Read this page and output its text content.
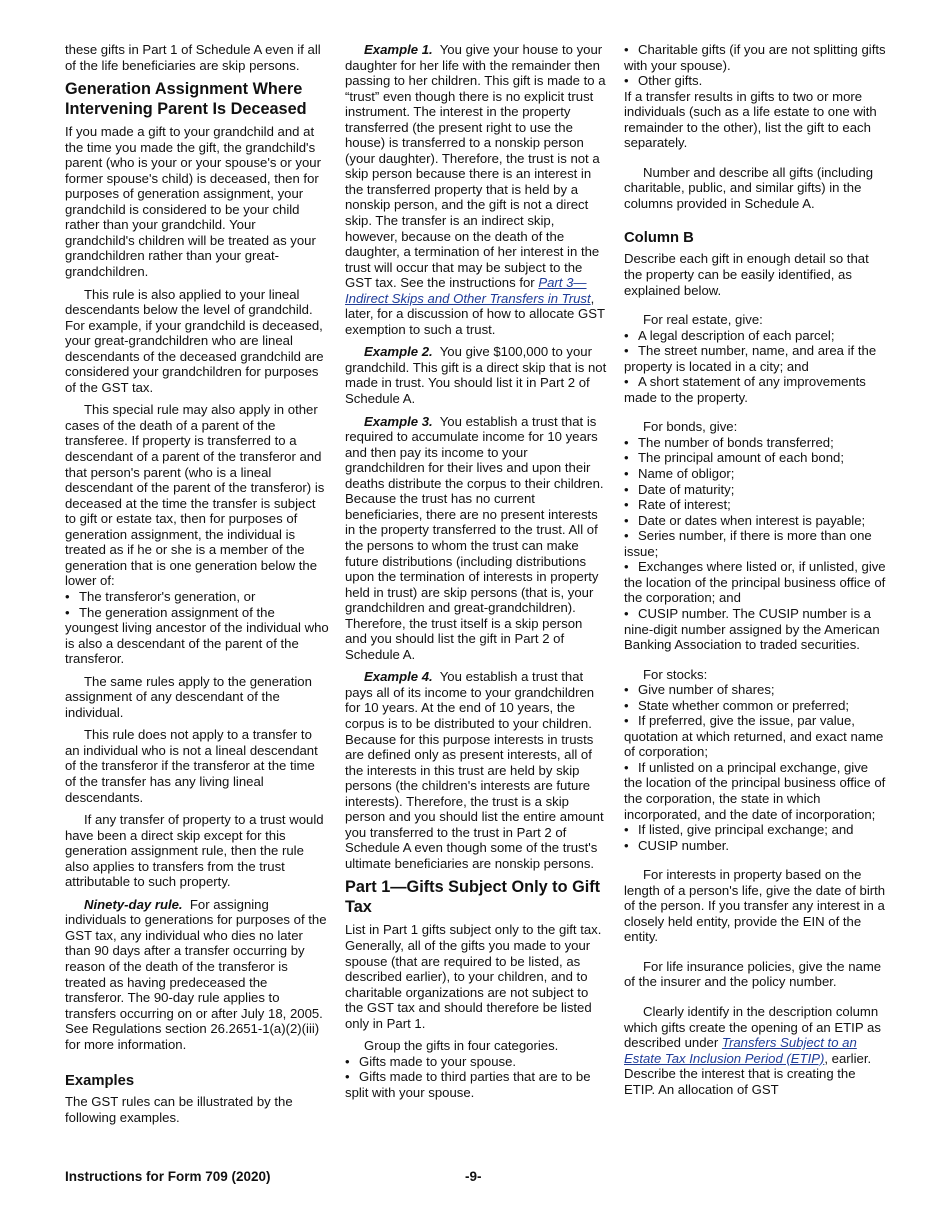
these gifts in Part 1 of Schedule A even if all of the life beneficiaries are skip persons.

Generation Assignment Where Intervening Parent Is Deceased

If you made a gift to your grandchild and at the time you made the gift, the grandchild's parent (who is your or your spouse's or your former spouse's child) is deceased, then for purposes of generation assignment, your grandchild is considered to be your child rather than your grandchild. Your grandchild's children will be treated as your grandchildren rather than your great-grandchildren.

This rule is also applied to your lineal descendants below the level of grandchild. For example, if your grandchild is deceased, your great-grandchildren who are lineal descendants of the deceased grandchild are considered your grandchildren for purposes of the GST tax.

This special rule may also apply in other cases of the death of a parent of the transferee. If property is transferred to a descendant of a parent of the transferor and that person's parent (who is a lineal descendant of the parent of the transferor) is deceased at the time the transfer is subject to gift or estate tax, then for purposes of generation assignment, the individual is treated as if he or she is a member of the generation that is one generation below the lower of:

• The transferor's generation, or
• The generation assignment of the youngest living ancestor of the individual who is also a descendant of the parent of the transferor.

The same rules apply to the generation assignment of any descendant of the individual.

This rule does not apply to a transfer to an individual who is not a lineal descendant of the transferor if the transferor at the time of the transfer has any living lineal descendants.

If any transfer of property to a trust would have been a direct skip except for this generation assignment rule, then the rule also applies to transfers from the trust attributable to such property.

Ninety-day rule. For assigning individuals to generations for purposes of the GST tax, any individual who dies no later than 90 days after a transfer occurring by reason of the death of the transferor is treated as having predeceased the transferor. The 90-day rule applies to transfers occurring on or after July 18, 2005. See Regulations section 26.2651-1(a)(2)(iii) for more information.

Examples

The GST rules can be illustrated by the following examples.

Example 1. You give your house to your daughter for her life with the remainder then passing to her children. This gift is made to a “trust” even though there is no explicit trust instrument. The interest in the property transferred (the present right to use the house) is transferred to a nonskip person (your daughter). Therefore, the trust is not a skip person because there is an interest in the transferred property that is held by a nonskip person, and the gift is not a direct skip. The transfer is an indirect skip, however, because on the death of the daughter, a termination of her interest in the trust will occur that may be subject to the GST tax. See the instructions for Part 3—Indirect Skips and Other Transfers in Trust, later, for a discussion of how to allocate GST exemption to such a trust.

Example 2. You give $100,000 to your grandchild. This gift is a direct skip that is not made in trust. You should list it in Part 2 of Schedule A.

Example 3. You establish a trust that is required to accumulate income for 10 years and then pay its income to your grandchildren for their lives and upon their deaths distribute the corpus to their children. Because the trust has no current beneficiaries, there are no present interests in the property transferred to the trust. All of the persons to whom the trust can make future distributions (including distributions upon the termination of interests in property held in trust) are skip persons (that is, your grandchildren and great-grandchildren). Therefore, the trust itself is a skip person and you should list the gift in Part 2 of Schedule A.

Example 4. You establish a trust that pays all of its income to your grandchildren for 10 years. At the end of 10 years, the corpus is to be distributed to your children. Because for this purpose interests in trusts are defined only as present interests, all of the interests in this trust are held by skip persons (the children's interests are future interests). Therefore, the trust is a skip person and you should list the entire amount you transferred to the trust in Part 2 of Schedule A even though some of the trust's ultimate beneficiaries are nonskip persons.

Part 1—Gifts Subject Only to Gift Tax

List in Part 1 gifts subject only to the gift tax. Generally, all of the gifts you made to your spouse (that are required to be listed, as described earlier), to your children, and to charitable organizations are not subject to the GST tax and should therefore be listed only in Part 1.

Group the gifts in four categories.

• Gifts made to your spouse.
• Gifts made to third parties that are to be split with your spouse.
• Charitable gifts (if you are not splitting gifts with your spouse).
• Other gifts.

If a transfer results in gifts to two or more individuals (such as a life estate to one with remainder to the other), list the gift to each separately.

Number and describe all gifts (including charitable, public, and similar gifts) in the columns provided in Schedule A.

Column B

Describe each gift in enough detail so that the property can be easily identified, as explained below.

For real estate, give:

• A legal description of each parcel;
• The street number, name, and area if the property is located in a city; and
• A short statement of any improvements made to the property.

For bonds, give:

• The number of bonds transferred;
• The principal amount of each bond;
• Name of obligor;
• Date of maturity;
• Rate of interest;
• Date or dates when interest is payable;
• Series number, if there is more than one issue;
• Exchanges where listed or, if unlisted, give the location of the principal business office of the corporation; and
• CUSIP number. The CUSIP number is a nine-digit number assigned by the American Banking Association to traded securities.

For stocks:

• Give number of shares;
• State whether common or preferred;
• If preferred, give the issue, par value, quotation at which returned, and exact name of corporation;
• If unlisted on a principal exchange, give the location of the principal business office of the corporation, the state in which incorporated, and the date of incorporation;
• If listed, give principal exchange; and
• CUSIP number.

For interests in property based on the length of a person's life, give the date of birth of the person. If you transfer any interest in a closely held entity, provide the EIN of the entity.

For life insurance policies, give the name of the insurer and the policy number.

Clearly identify in the description column which gifts create the opening of an ETIP as described under Transfers Subject to an Estate Tax Inclusion Period (ETIP), earlier. Describe the interest that is creating the ETIP. An allocation of GST

Instructions for Form 709 (2020)	-9-
